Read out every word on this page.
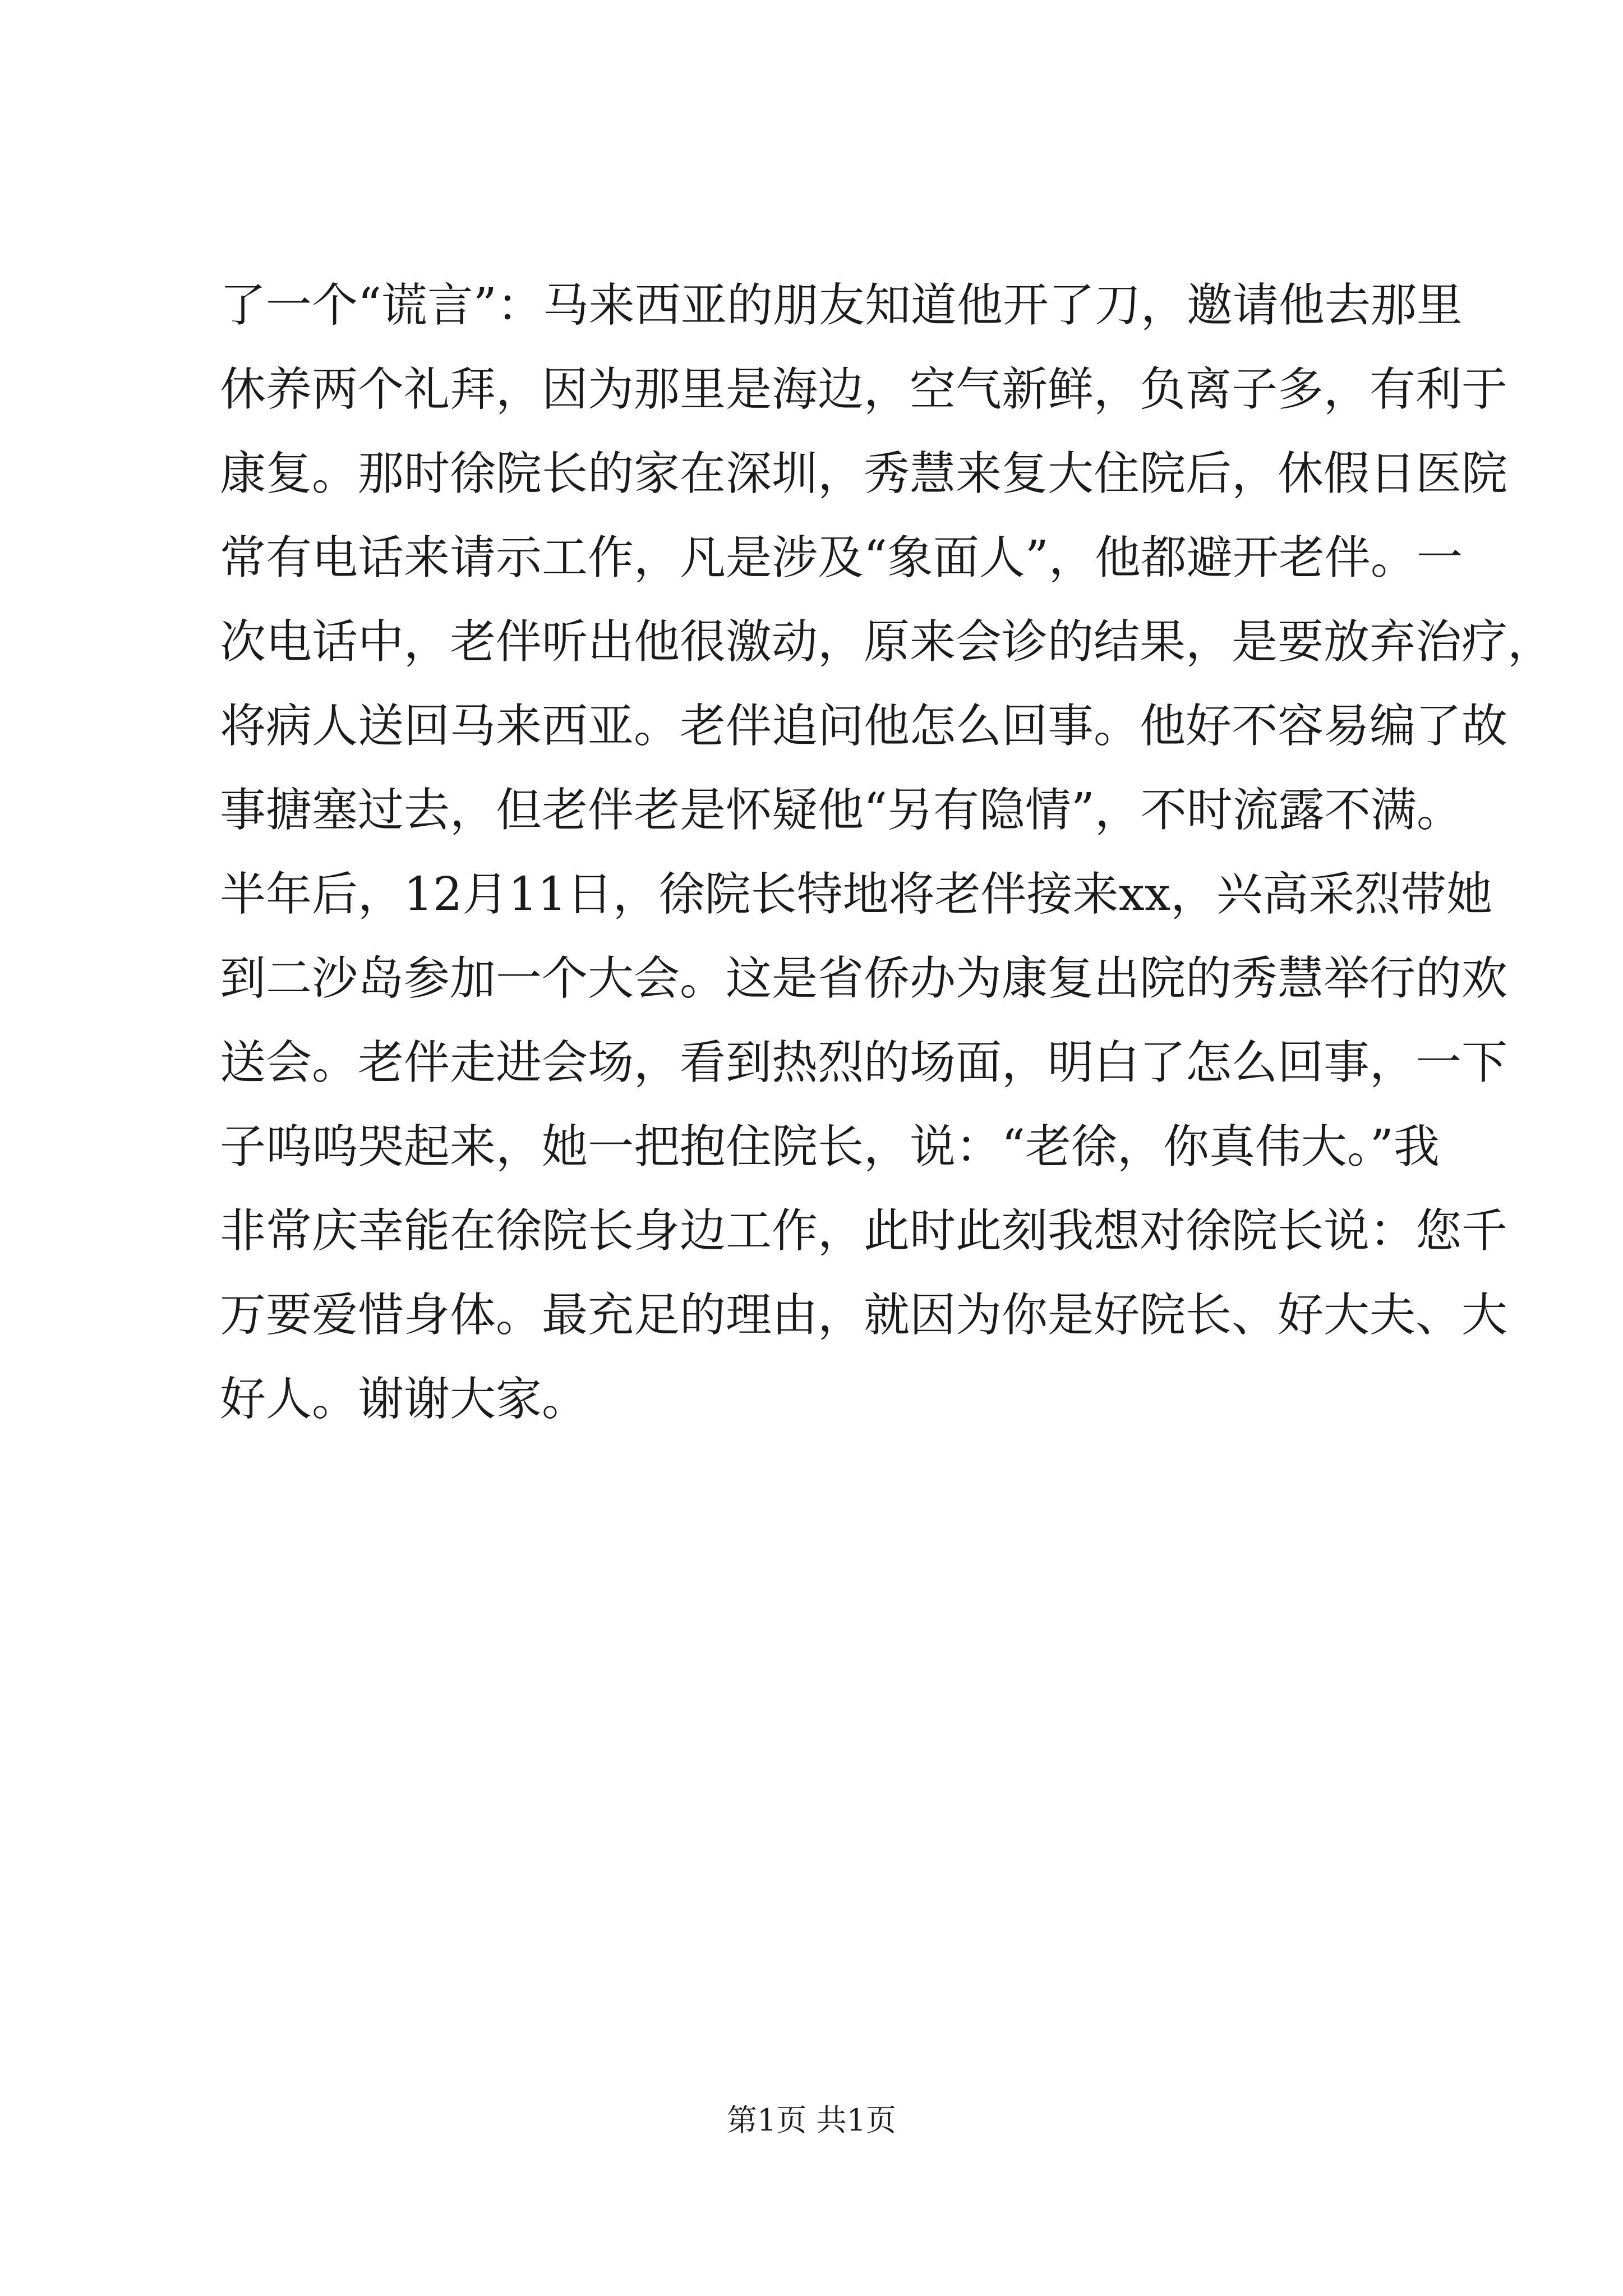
了一个“谎言”：马来西亚的朋友知道他开了刀，邀请他去那里
休养两个礼拜，因为那里是海边，空气新鲜，负离子多，有利于
康复。那时徐院长的家在深圳，秀慧来复大住院后，休假日医院
常有电话来请示工作，凡是涉及“象面人”，他都避开老伴。一
次电话中，老伴听出他很激动，原来会诊的结果，是要放弃治疗，
将病人送回马来西亚。老伴追问他怎么回事。他好不容易编了故
事搪塞过去，但老伴老是怀疑他“另有隐情”，不时流露不满。
半年后，12月11日，徐院长特地将老伴接来xx，兴高采烈带她
到二沙岛参加一个大会。这是省侨办为康复出院的秀慧举行的欢
送会。老伴走进会场，看到热烈的场面，明白了怎么回事，一下
子呜呜哭起来，她一把抱住院长，说：“老徐，你真伟大。”我
非常庆幸能在徐院长身边工作，此时此刻我想对徐院长说：您千
万要爱惜身体。最充足的理由，就因为你是好院长、好大夫、大
好人。谢谢大家。
第1页 共1页
